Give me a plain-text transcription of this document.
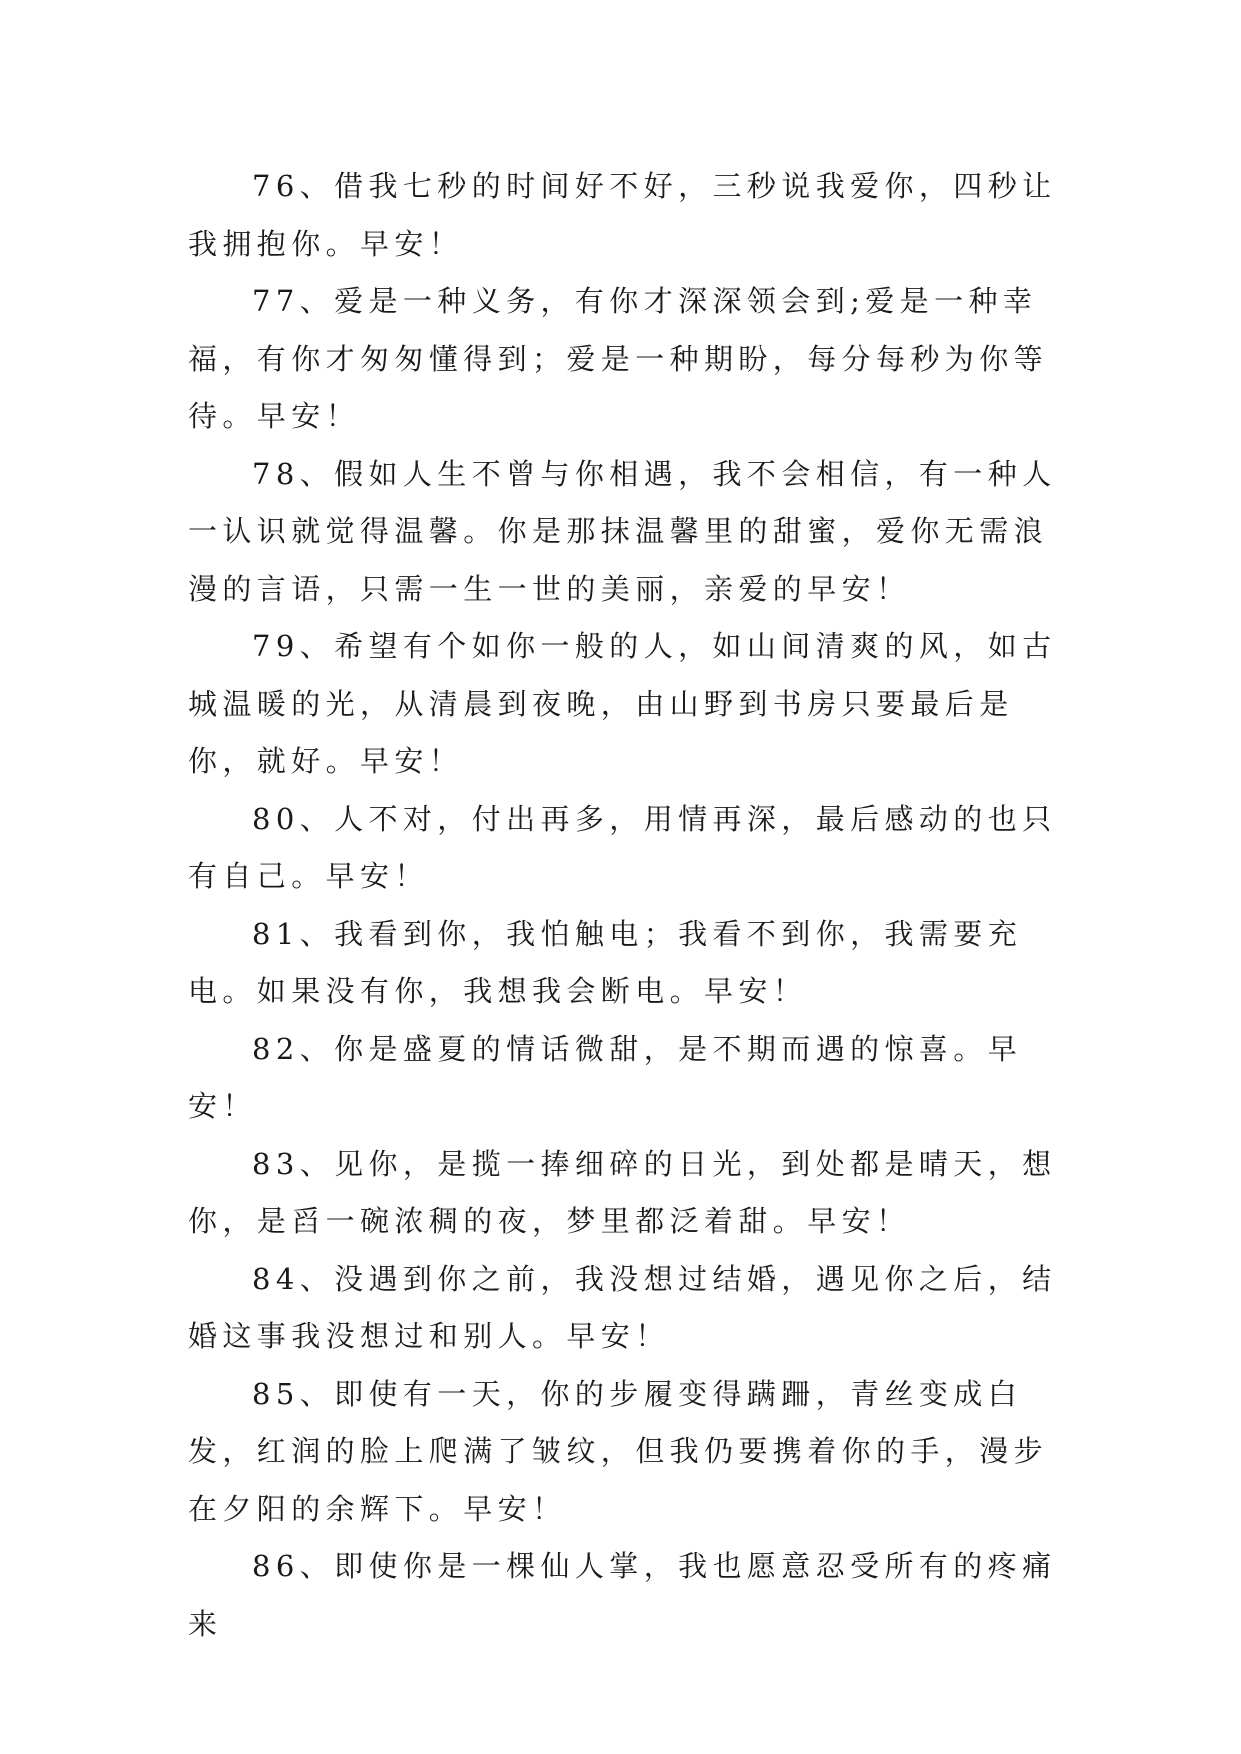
76、借我七秒的时间好不好，三秒说我爱你，四秒让我拥抱你。早安！

77、爱是一种义务，有你才深深领会到;爱是一种幸福，有你才匆匆懂得到；爱是一种期盼，每分每秒为你等待。早安！

78、假如人生不曾与你相遇，我不会相信，有一种人一认识就觉得温馨。你是那抹温馨里的甜蜜，爱你无需浪漫的言语，只需一生一世的美丽，亲爱的早安！

79、希望有个如你一般的人，如山间清爽的风，如古城温暖的光，从清晨到夜晚，由山野到书房只要最后是你，就好。早安！

80、人不对，付出再多，用情再深，最后感动的也只有自己。早安！

81、我看到你，我怕触电；我看不到你，我需要充电。如果没有你，我想我会断电。早安！

82、你是盛夏的情话微甜，是不期而遇的惊喜。早安！

83、见你，是揽一捧细碎的日光，到处都是晴天，想你，是舀一碗浓稠的夜，梦里都泛着甜。早安！

84、没遇到你之前，我没想过结婚，遇见你之后，结婚这事我没想过和别人。早安！

85、即使有一天，你的步履变得蹒跚，青丝变成白发，红润的脸上爬满了皱纹，但我仍要携着你的手，漫步在夕阳的余辉下。早安！

86、即使你是一棵仙人掌，我也愿意忍受所有的疼痛来
